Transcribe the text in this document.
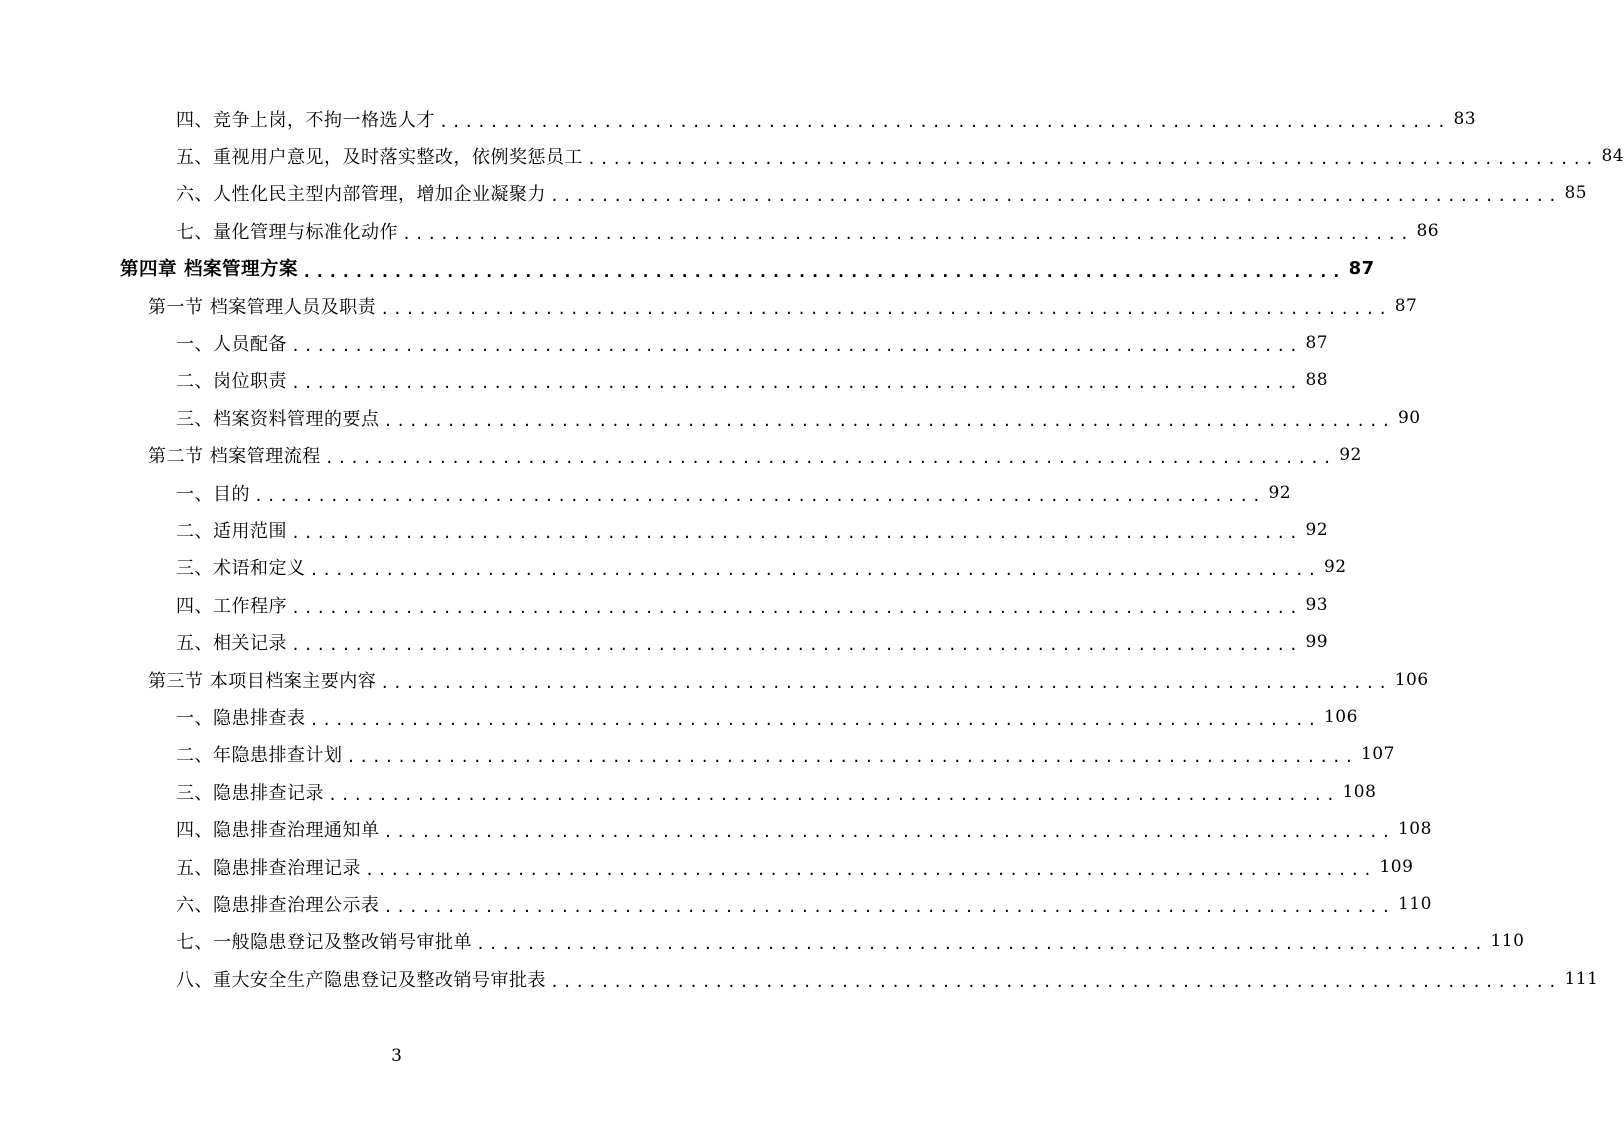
四、竞争上岗，不拘一格选人才 ................................................................................ 83
五、重视用户意见，及时落实整改，依例奖惩员工 ................................................................................ 84
六、人性化民主型内部管理，增加企业凝聚力 ................................................................................ 85
七、量化管理与标准化动作 ................................................................................ 86
第四章 档案管理方案 ................................................................................ 87
第一节 档案管理人员及职责 ................................................................................ 87
一、人员配备 ................................................................................ 87
二、岗位职责 ................................................................................ 88
三、档案资料管理的要点 ................................................................................ 90
第二节 档案管理流程 ................................................................................ 92
一、目的 ................................................................................ 92
二、适用范围 ................................................................................ 92
三、术语和定义 ................................................................................ 92
四、工作程序 ................................................................................ 93
五、相关记录 ................................................................................ 99
第三节 本项目档案主要内容 ................................................................................ 106
一、隐患排查表 ................................................................................ 106
二、年隐患排查计划 ................................................................................ 107
三、隐患排查记录 ................................................................................ 108
四、隐患排查治理通知单 ................................................................................ 108
五、隐患排查治理记录 ................................................................................ 109
六、隐患排查治理公示表 ................................................................................ 110
七、一般隐患登记及整改销号审批单 ................................................................................ 110
八、重大安全生产隐患登记及整改销号审批表 ................................................................................ 111
3
